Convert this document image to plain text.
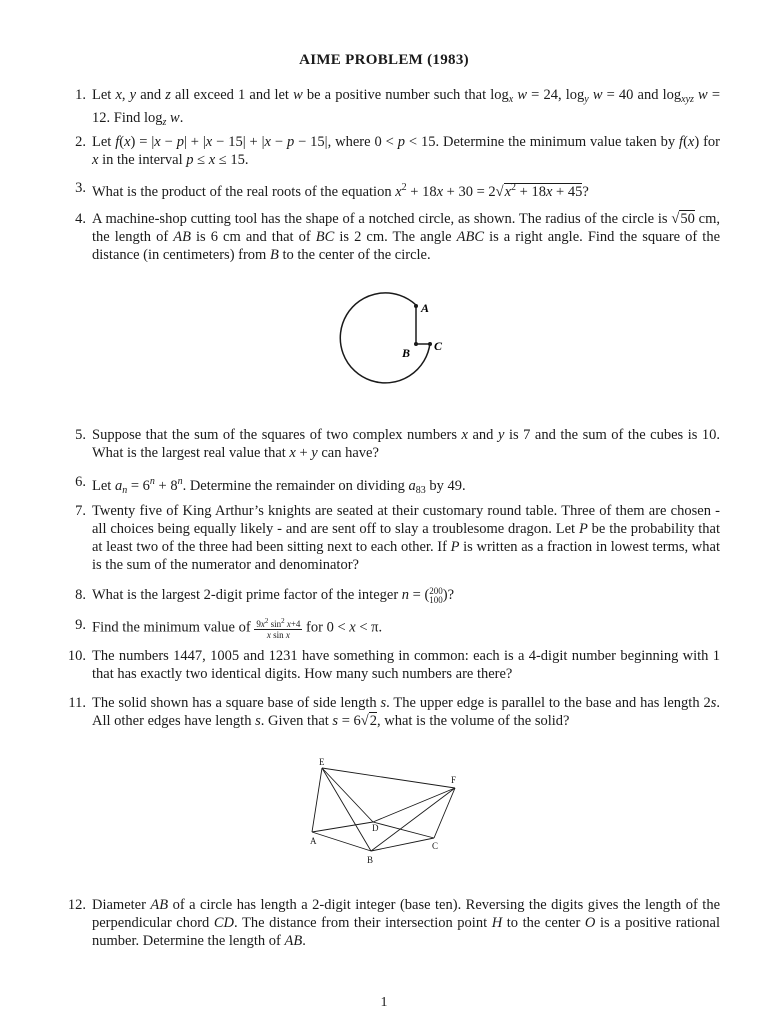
AIME PROBLEM (1983)
1. Let x, y and z all exceed 1 and let w be a positive number such that $\log_x w = 24$, $\log_y w = 40$ and $\log_{xyz} w = 12$. Find $\log_z w$.
2. Let f(x) = |x − p| + |x − 15| + |x − p − 15|, where 0 < p < 15. Determine the minimum value taken by f(x) for x in the interval p ≤ x ≤ 15.
3. What is the product of the real roots of the equation $x^2 + 18x + 30 = 2√x^2 + 18x + 45$?
4. A machine-shop cutting tool has the shape of a notched circle, as shown. The radius of the circle is √50 cm, the length of AB is 6 cm and that of BC is 2 cm. The angle ABC is a right angle. Find the square of the distance (in centimeters) from B to the center of the circle.
A
B C
5. Suppose that the sum of the squares of two complex numbers x and y is 7 and the sum of the cubes is 10. What is the largest real value that x + y can have?
6. Let $a_n = 6^n + 8^n$. Determine the remainder on dividing $a_{83}$ by 49.
7. Twenty five of King Arthur’s knights are seated at their customary round table. Three of them are chosen - all choices being equally likely - and are sent off to slay a troublesome dragon. Let P be the probability that at least two of the three had been sitting next to each other. If P is written as a fraction in lowest terms, what is the sum of the numerator and denominator?
8. What is the largest 2-digit prime factor of the integer n = ( 200
100 )?
9. Find the minimum value of $\frac{9x^2 \sin^2 x+4}{\text{x sin x}}$ for 0 < x < π.
10. The numbers 1447, 1005 and 1231 have something in common: each is a 4-digit number beginning with 1 that has exactly two identical digits. How many such numbers are there?
11. The solid shown has a square base of side length s. The upper edge is parallel to the base and has length 2s. All other edges have length s. Given that s = 6√2, what is the volume of the solid?
E
F
D
A
B
C
12. Diameter AB of a circle has length a 2-digit integer (base ten). Reversing the digits gives the length of the perpendicular chord CD. The distance from their intersection point H to the center O is a positive rational number. Determine the length of AB.
1
